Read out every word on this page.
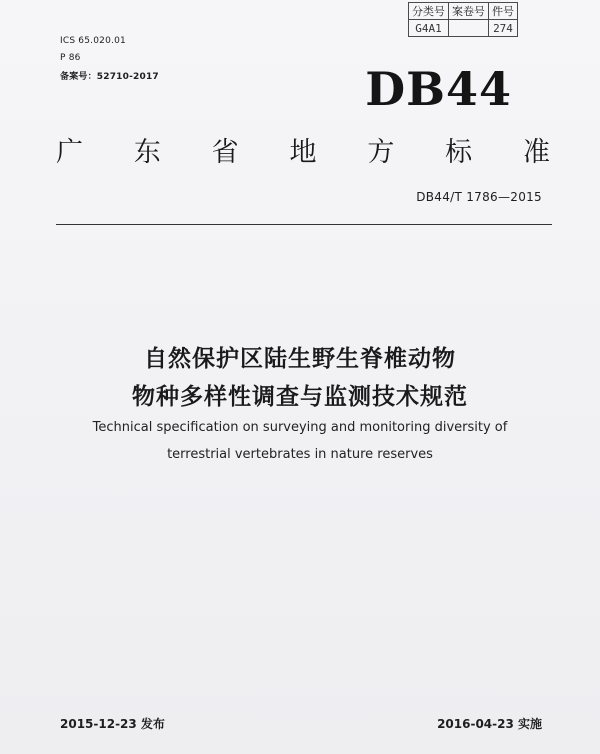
分类号	案卷号	件号
G4A1		274
ICS 65.020.01
P 86
备案号：52710-2017	DB44
广 东 省 地 方 标 准
DB44/T 1786—2015
自然保护区陆生野生脊椎动物
物种多样性调查与监测技术规范
Technical specification on surveying and monitoring diversity of
terrestrial vertebrates in nature reserves
2015-12-23 发布	2016-04-23 实施
